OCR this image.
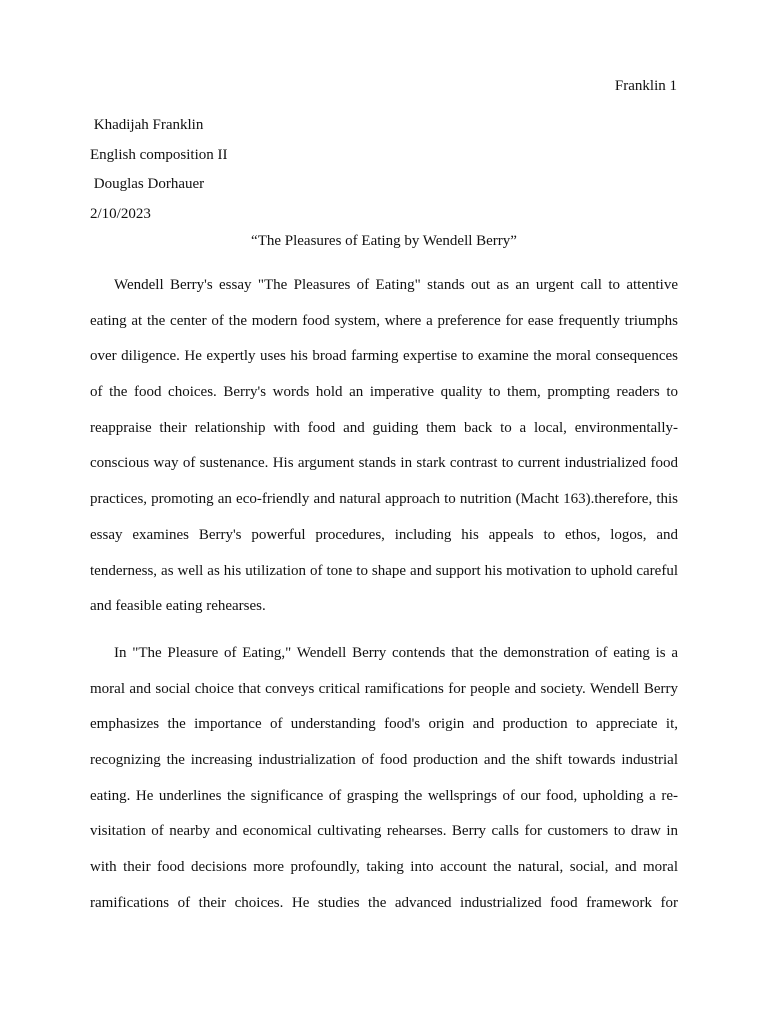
Franklin 1
Khadijah Franklin
English composition II
Douglas Dorhauer
2/10/2023
“The Pleasures of Eating by Wendell Berry”
Wendell Berry's essay "The Pleasures of Eating" stands out as an urgent call to attentive
eating at the center of the modern food system, where a preference for ease frequently triumphs
over diligence. He expertly uses his broad farming expertise to examine the moral consequences
of the food choices. Berry's words hold an imperative quality to them, prompting readers to
reappraise their relationship with food and guiding them back to a local, environmentally-
conscious way of sustenance. His argument stands in stark contrast to current industrialized food
practices, promoting an eco-friendly and natural approach to nutrition (Macht 163).therefore, this
essay examines Berry's powerful procedures, including his appeals to ethos, logos, and
tenderness, as well as his utilization of tone to shape and support his motivation to uphold careful
and feasible eating rehearses.
In "The Pleasure of Eating," Wendell Berry contends that the demonstration of eating is a
moral and social choice that conveys critical ramifications for people and society. Wendell Berry
emphasizes the importance of understanding food's origin and production to appreciate it,
recognizing the increasing industrialization of food production and the shift towards industrial
eating. He underlines the significance of grasping the wellsprings of our food, upholding a re-
visitation of nearby and economical cultivating rehearses. Berry calls for customers to draw in
with their food decisions more profoundly, taking into account the natural, social, and moral
ramifications of their choices. He studies the advanced industrialized food framework for
